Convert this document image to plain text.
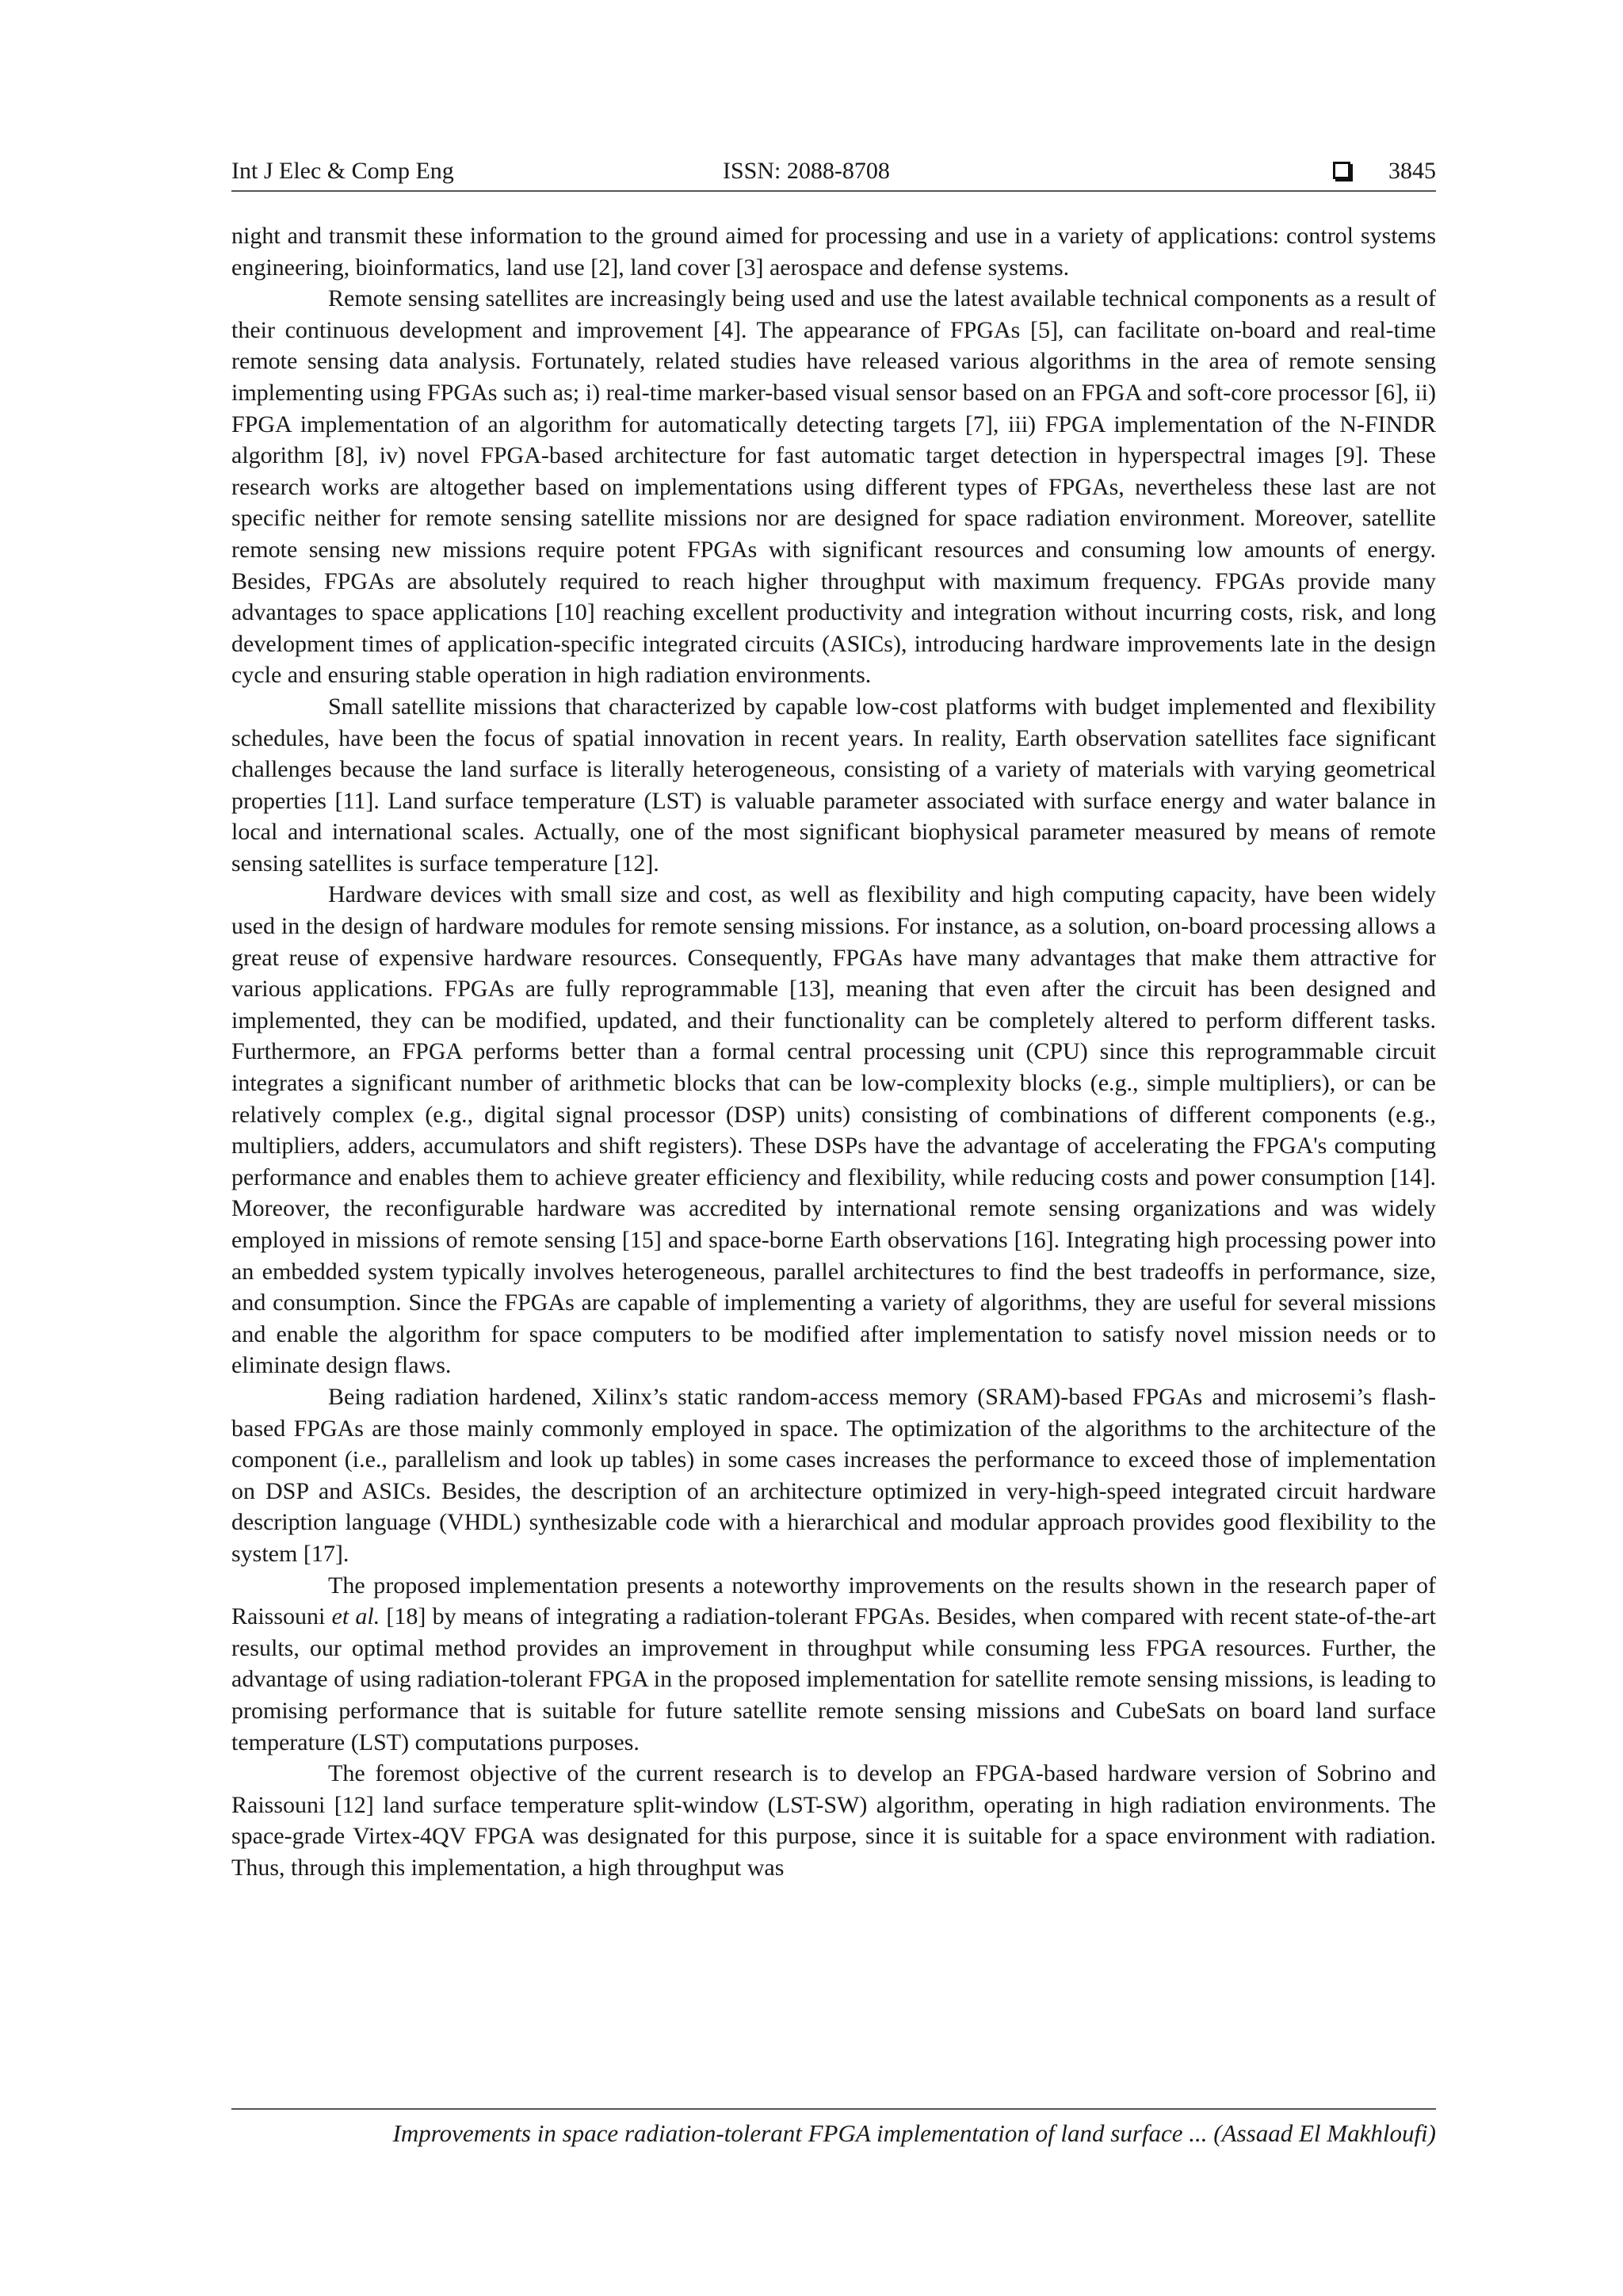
Int J Elec & Comp Eng	ISSN: 2088-8708	3845

night and transmit these information to the ground aimed for processing and use in a variety of applications: control systems engineering, bioinformatics, land use [2], land cover [3] aerospace and defense systems.

Remote sensing satellites are increasingly being used and use the latest available technical components as a result of their continuous development and improvement [4]. The appearance of FPGAs [5], can facilitate on-board and real-time remote sensing data analysis. Fortunately, related studies have released various algorithms in the area of remote sensing implementing using FPGAs such as; i) real-time marker-based visual sensor based on an FPGA and soft-core processor [6], ii) FPGA implementation of an algorithm for automatically detecting targets [7], iii) FPGA implementation of the N-FINDR algorithm [8], iv) novel FPGA-based architecture for fast automatic target detection in hyperspectral images [9]. These research works are altogether based on implementations using different types of FPGAs, nevertheless these last are not specific neither for remote sensing satellite missions nor are designed for space radiation environment. Moreover, satellite remote sensing new missions require potent FPGAs with significant resources and consuming low amounts of energy. Besides, FPGAs are absolutely required to reach higher throughput with maximum frequency. FPGAs provide many advantages to space applications [10] reaching excellent productivity and integration without incurring costs, risk, and long development times of application-specific integrated circuits (ASICs), introducing hardware improvements late in the design cycle and ensuring stable operation in high radiation environments.

Small satellite missions that characterized by capable low-cost platforms with budget implemented and flexibility schedules, have been the focus of spatial innovation in recent years. In reality, Earth observation satellites face significant challenges because the land surface is literally heterogeneous, consisting of a variety of materials with varying geometrical properties [11]. Land surface temperature (LST) is valuable parameter associated with surface energy and water balance in local and international scales. Actually, one of the most significant biophysical parameter measured by means of remote sensing satellites is surface temperature [12].

Hardware devices with small size and cost, as well as flexibility and high computing capacity, have been widely used in the design of hardware modules for remote sensing missions. For instance, as a solution, on-board processing allows a great reuse of expensive hardware resources. Consequently, FPGAs have many advantages that make them attractive for various applications. FPGAs are fully reprogrammable [13], meaning that even after the circuit has been designed and implemented, they can be modified, updated, and their functionality can be completely altered to perform different tasks. Furthermore, an FPGA performs better than a formal central processing unit (CPU) since this reprogrammable circuit integrates a significant number of arithmetic blocks that can be low-complexity blocks (e.g., simple multipliers), or can be relatively complex (e.g., digital signal processor (DSP) units) consisting of combinations of different components (e.g., multipliers, adders, accumulators and shift registers). These DSPs have the advantage of accelerating the FPGA's computing performance and enables them to achieve greater efficiency and flexibility, while reducing costs and power consumption [14]. Moreover, the reconfigurable hardware was accredited by international remote sensing organizations and was widely employed in missions of remote sensing [15] and space-borne Earth observations [16]. Integrating high processing power into an embedded system typically involves heterogeneous, parallel architectures to find the best tradeoffs in performance, size, and consumption. Since the FPGAs are capable of implementing a variety of algorithms, they are useful for several missions and enable the algorithm for space computers to be modified after implementation to satisfy novel mission needs or to eliminate design flaws.

Being radiation hardened, Xilinx’s static random-access memory (SRAM)-based FPGAs and microsemi’s flash-based FPGAs are those mainly commonly employed in space. The optimization of the algorithms to the architecture of the component (i.e., parallelism and look up tables) in some cases increases the performance to exceed those of implementation on DSP and ASICs. Besides, the description of an architecture optimized in very-high-speed integrated circuit hardware description language (VHDL) synthesizable code with a hierarchical and modular approach provides good flexibility to the system [17].

The proposed implementation presents a noteworthy improvements on the results shown in the research paper of Raissouni et al. [18] by means of integrating a radiation-tolerant FPGAs. Besides, when compared with recent state-of-the-art results, our optimal method provides an improvement in throughput while consuming less FPGA resources. Further, the advantage of using radiation-tolerant FPGA in the proposed implementation for satellite remote sensing missions, is leading to promising performance that is suitable for future satellite remote sensing missions and CubeSats on board land surface temperature (LST) computations purposes.

The foremost objective of the current research is to develop an FPGA-based hardware version of Sobrino and Raissouni [12] land surface temperature split-window (LST-SW) algorithm, operating in high radiation environments. The space-grade Virtex-4QV FPGA was designated for this purpose, since it is suitable for a space environment with radiation. Thus, through this implementation, a high throughput was

Improvements in space radiation-tolerant FPGA implementation of land surface ... (Assaad El Makhloufi)
